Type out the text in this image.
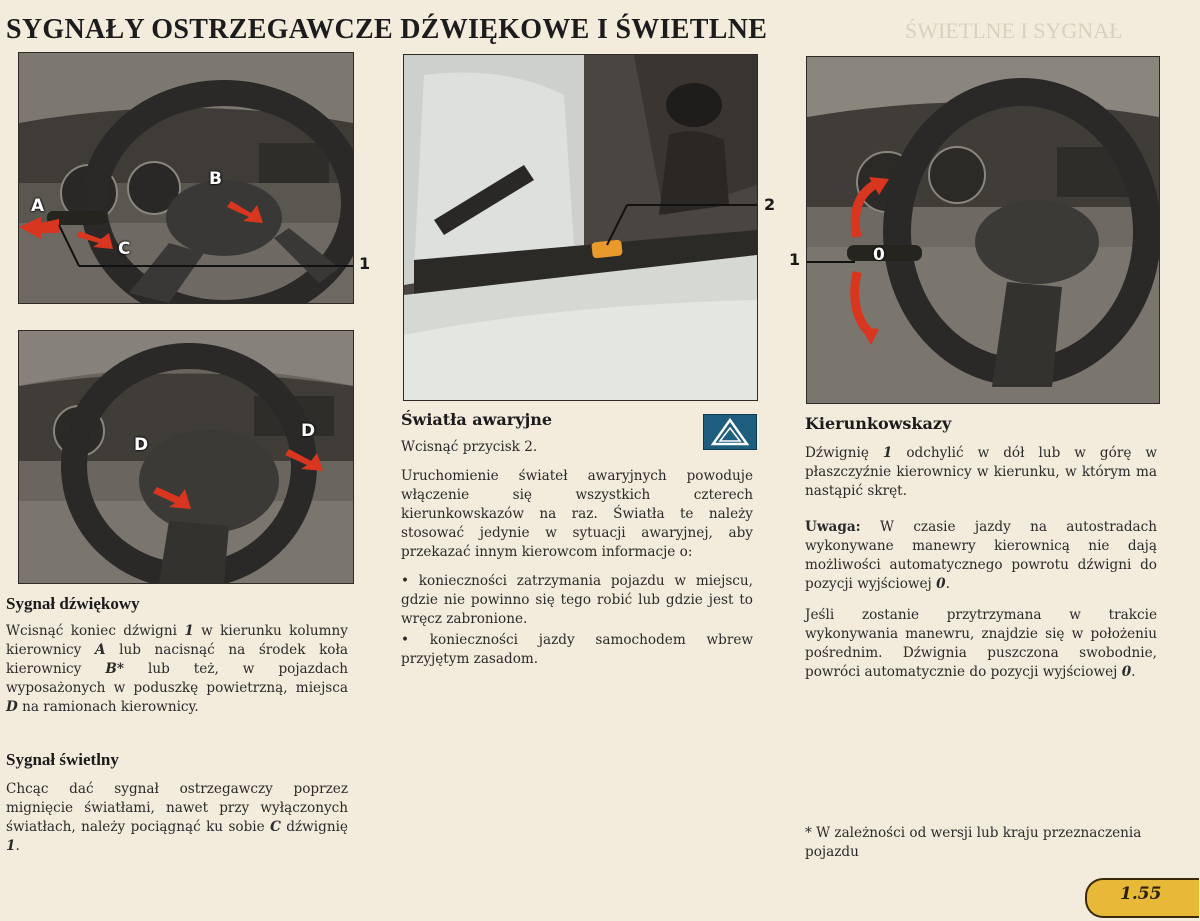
ŚWIETLNE I SYGNAŁ
SYGNAŁY OSTRZEGAWCZE DŹWIĘKOWE I ŚWIETLNE
A
B
C
1
D
D
2
0
1
Sygnał dźwiękowy

Wcisnąć koniec dźwigni 1 w kierunku kolumny kierownicy A lub nacisnąć na środek koła kierownicy B* lub też, w pojazdach wyposażonych w poduszkę powietrzną, miejsca D na ramionach kierownicy.

Sygnał świetlny

Chcąc dać sygnał ostrzegawczy poprzez mignięcie światłami, nawet przy wyłączonych światłach, należy pociągnąć ku sobie C dźwignię 1.

Światła awaryjne

Wcisnąć przycisk 2.

Uruchomienie świateł awaryjnych powoduje włączenie się wszystkich czterech kierunkowskazów na raz. Światła te należy stosować jedynie w sytuacji awaryjnej, aby przekazać innym kierowcom informacje o:

• konieczności zatrzymania pojazdu w miejscu, gdzie nie powinno się tego robić lub gdzie jest to wręcz zabronione.

• konieczności jazdy samochodem wbrew przyjętym zasadom.

Kierunkowskazy

Dźwignię 1 odchylić w dół lub w górę w płaszczyźnie kierownicy w kierunku, w którym ma nastąpić skręt.

Uwaga: W czasie jazdy na autostradach wykonywane manewry kierownicą nie dają możliwości automatycznego powrotu dźwigni do pozycji wyjściowej 0.

Jeśli zostanie przytrzymana w trakcie wykonywania manewru, znajdzie się w położeniu pośrednim. Dźwignia puszczona swobodnie, powróci automatycznie do pozycji wyjściowej 0.

* W zależności od wersji lub kraju przeznaczenia pojazdu

1.55
